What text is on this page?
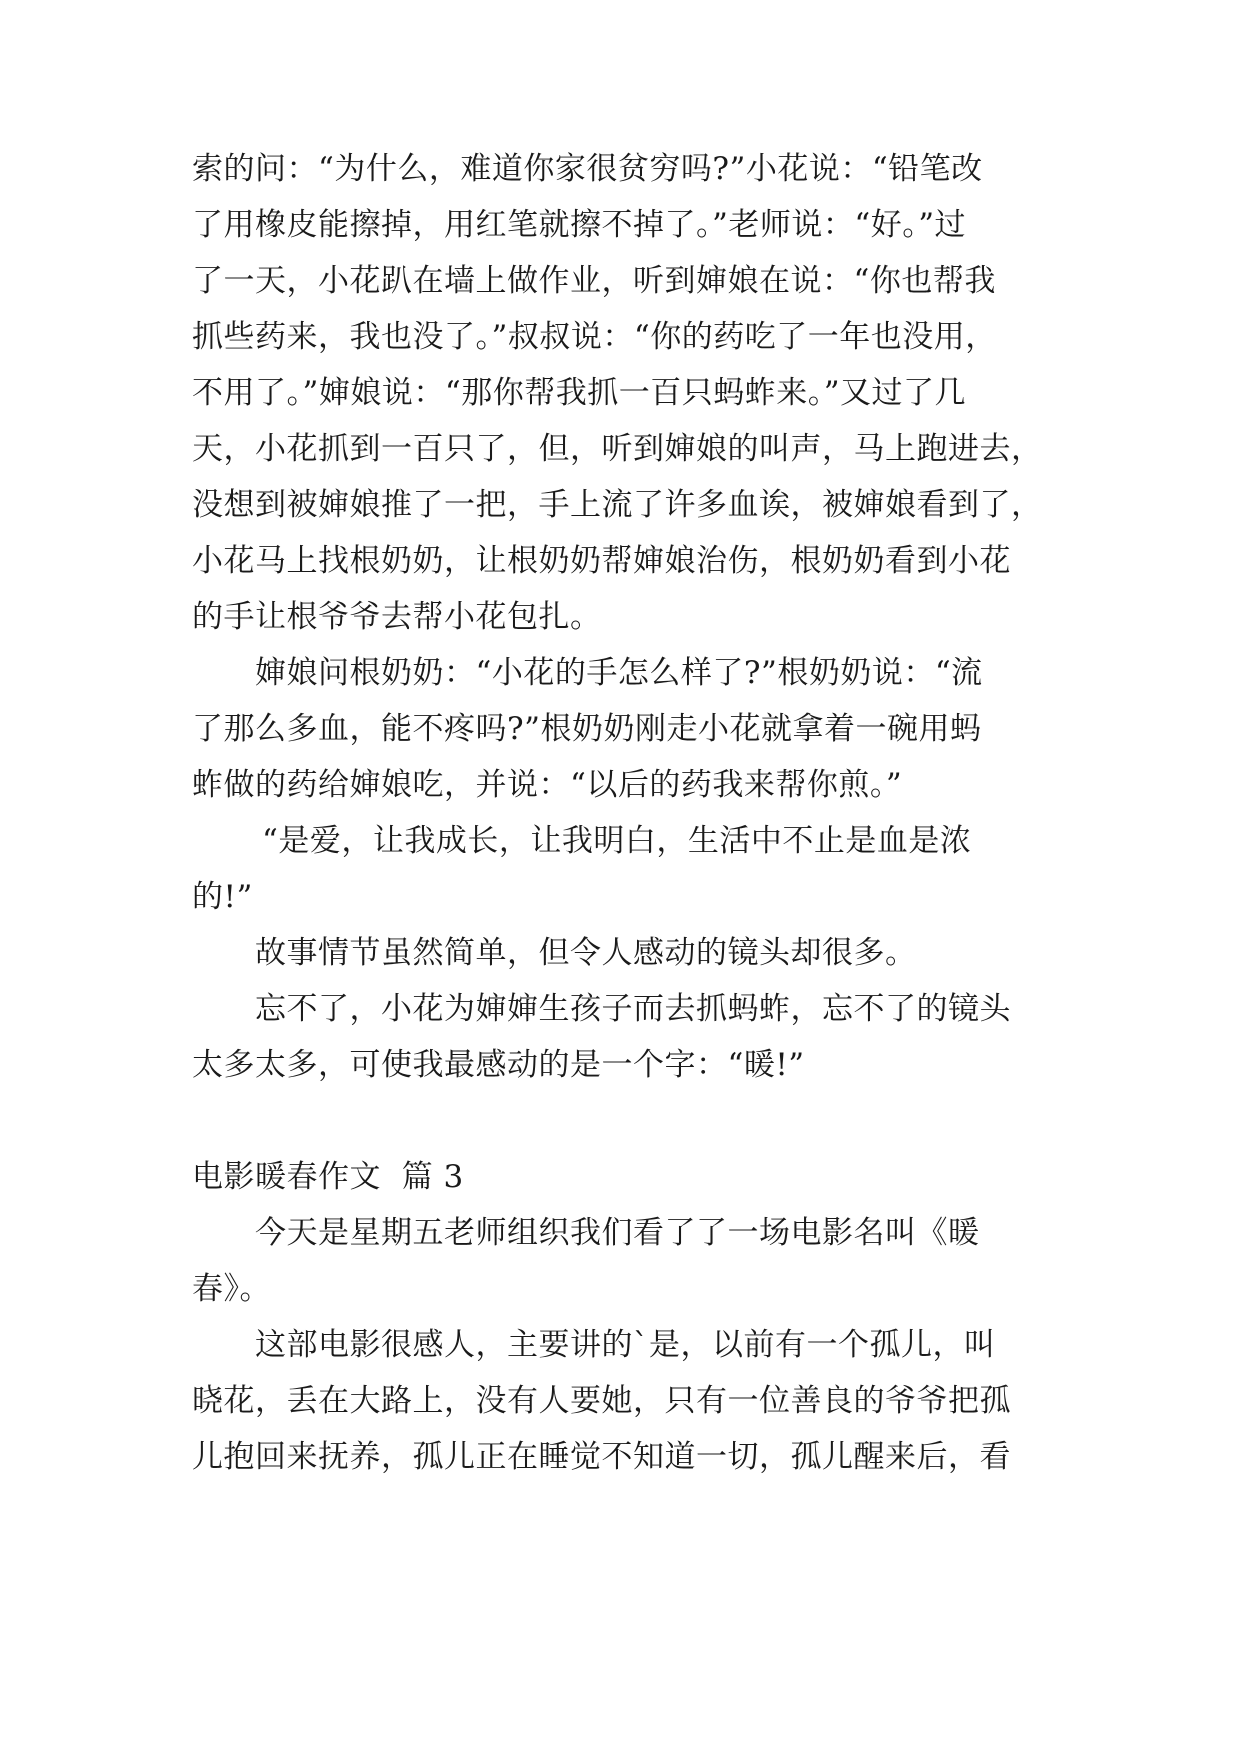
索的问：“为什么，难道你家很贫穷吗?”小花说：“铅笔改
了用橡皮能擦掉，用红笔就擦不掉了。”老师说：“好。”过
了一天，小花趴在墙上做作业，听到婶娘在说：“你也帮我
抓些药来，我也没了。”叔叔说：“你的药吃了一年也没用，
不用了。”婶娘说：“那你帮我抓一百只蚂蚱来。”又过了几
天，小花抓到一百只了，但，听到婶娘的叫声，马上跑进去，
没想到被婶娘推了一把，手上流了许多血诶，被婶娘看到了，
小花马上找根奶奶，让根奶奶帮婶娘治伤，根奶奶看到小花
的手让根爷爷去帮小花包扎。
婶娘问根奶奶：“小花的手怎么样了?”根奶奶说：“流
了那么多血，能不疼吗?”根奶奶刚走小花就拿着一碗用蚂
蚱做的药给婶娘吃，并说：“以后的药我来帮你煎。”
“是爱，让我成长，让我明白，生活中不止是血是浓
的!”
故事情节虽然简单，但令人感动的镜头却很多。
忘不了，小花为婶婶生孩子而去抓蚂蚱，忘不了的镜头
太多太多，可使我最感动的是一个字：“暖!”
电影暖春作文  篇 3
今天是星期五老师组织我们看了了一场电影名叫《暖
春》。
这部电影很感人，主要讲的`是，以前有一个孤儿，叫
晓花，丢在大路上，没有人要她，只有一位善良的爷爷把孤
儿抱回来抚养，孤儿正在睡觉不知道一切，孤儿醒来后，看
